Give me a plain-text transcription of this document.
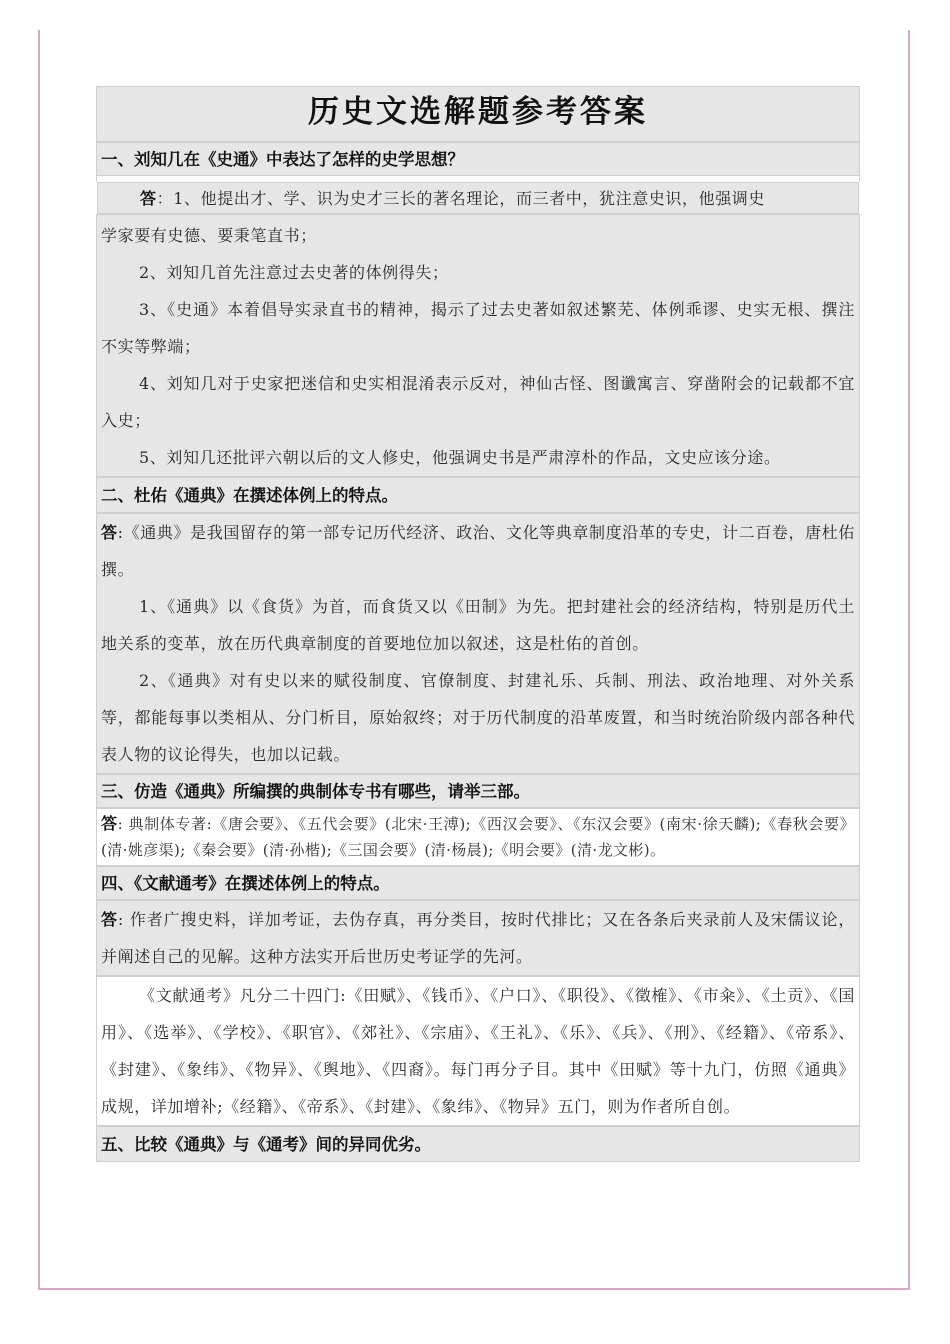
历史文选解题参考答案
一、刘知几在《史通》中表达了怎样的史学思想？
答：1、他提出才、学、识为史才三长的著名理论，而三者中，犹注意史识，他强调史
学家要有史德、要秉笔直书；
2、刘知几首先注意过去史著的体例得失；
3、《史通》本着倡导实录直书的精神，揭示了过去史著如叙述繁芜、体例乖谬、史实无根、撰注不实等弊端；
4、刘知几对于史家把迷信和史实相混淆表示反对，神仙古怪、图谶寓言、穿凿附会的记载都不宜入史；
5、刘知几还批评六朝以后的文人修史，他强调史书是严肃淳朴的作品，文史应该分途。
二、杜佑《通典》在撰述体例上的特点。
答:《通典》是我国留存的第一部专记历代经济、政治、文化等典章制度沿革的专史，计二百卷，唐杜佑撰。
1、《通典》以《食货》为首，而食货又以《田制》为先。把封建社会的经济结构，特别是历代土地关系的变革，放在历代典章制度的首要地位加以叙述，这是杜佑的首创。
2、《通典》对有史以来的赋役制度、官僚制度、封建礼乐、兵制、刑法、政治地理、对外关系等，都能每事以类相从、分门析目，原始叙终；对于历代制度的沿革废置，和当时统治阶级内部各种代表人物的议论得失，也加以记载。
三、仿造《通典》所编撰的典制体专书有哪些，请举三部。
答: 典制体专著:《唐会要》、《五代会要》(北宋·王溥);《西汉会要》、《东汉会要》(南宋·徐天麟);《春秋会要》(清·姚彦渠);《秦会要》(清·孙楷);《三国会要》(清·杨晨);《明会要》(清·龙文彬)。
四、《文献通考》在撰述体例上的特点。
答: 作者广搜史料，详加考证，去伪存真，再分类目，按时代排比；又在各条后夹录前人及宋儒议论，并阐述自己的见解。这种方法实开后世历史考证学的先河。
《文献通考》凡分二十四门:《田赋》、《钱币》、《户口》、《职役》、《徵榷》、《市籴》、《土贡》、《国用》、《选举》、《学校》、《职官》、《郊社》、《宗庙》、《王礼》、《乐》、《兵》、《刑》、《经籍》、《帝系》、《封建》、《象纬》、《物异》、《舆地》、《四裔》。每门再分子目。其中《田赋》等十九门，仿照《通典》成规，详加增补;《经籍》、《帝系》、《封建》、《象纬》、《物异》五门，则为作者所自创。
五、比较《通典》与《通考》间的异同优劣。
